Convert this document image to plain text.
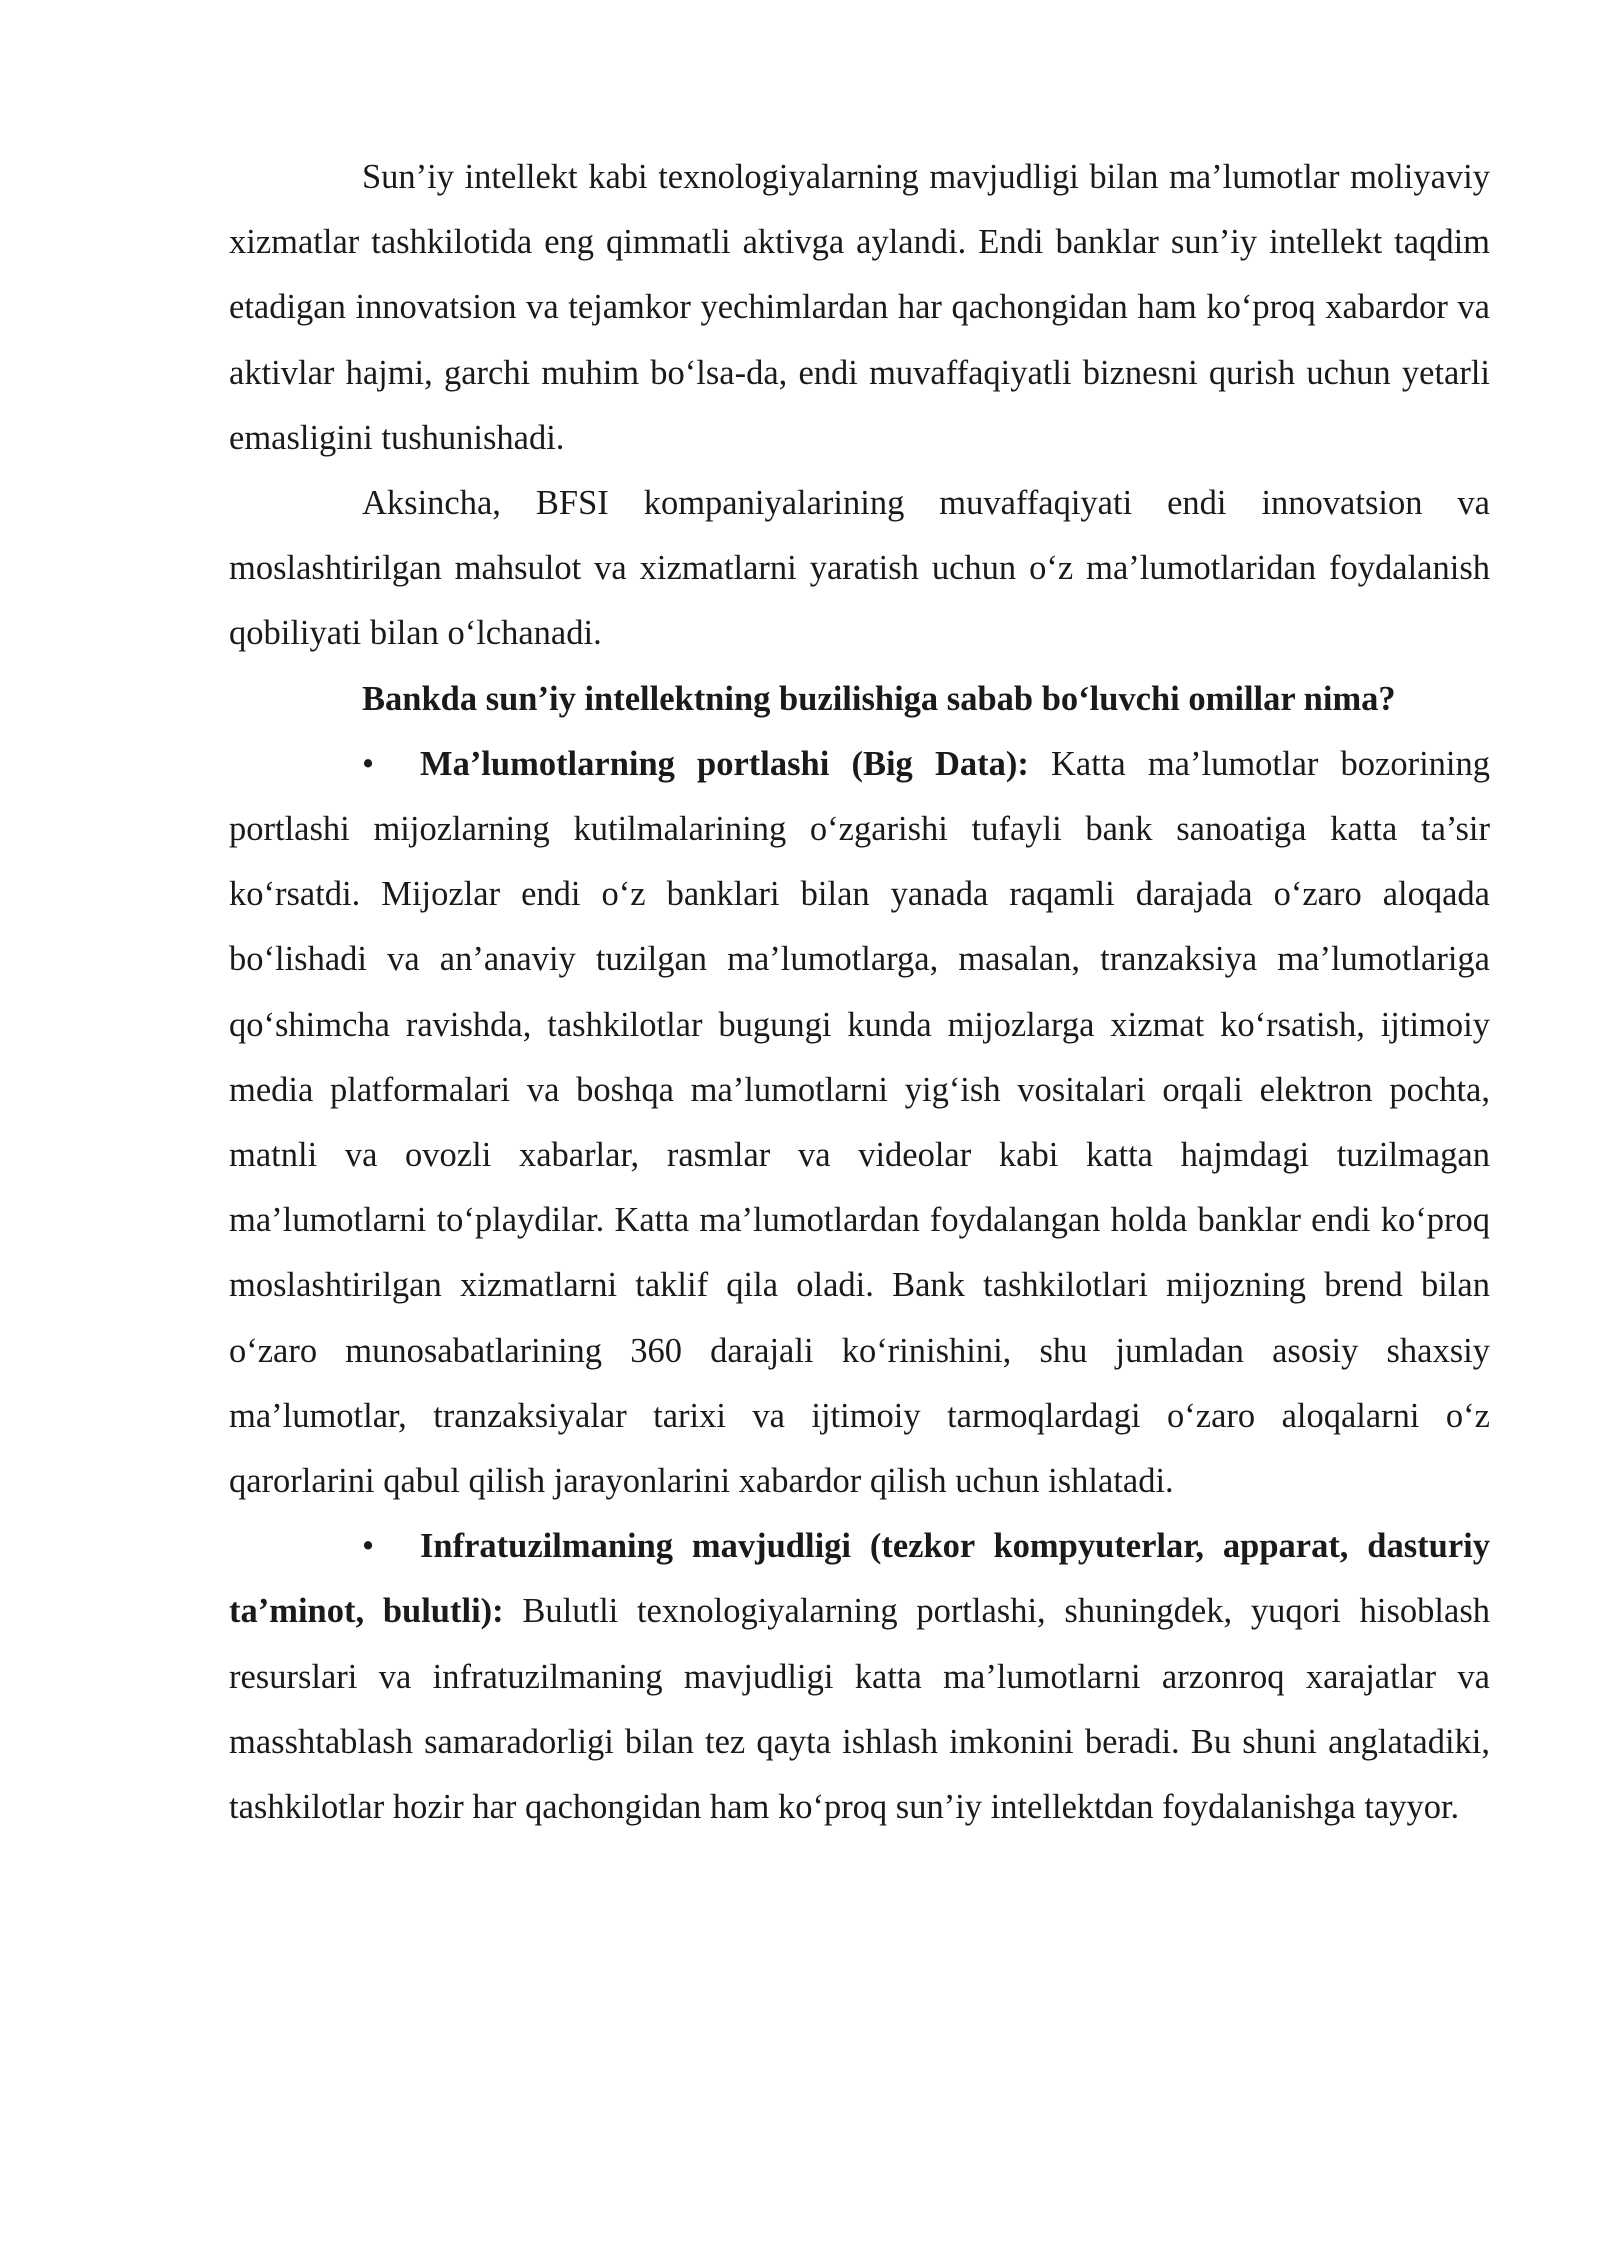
Sun’iy intellekt kabi texnologiyalarning mavjudligi bilan ma’lumotlar moliyaviy xizmatlar tashkilotida eng qimmatli aktivga aylandi. Endi banklar sun’iy intellekt taqdim etadigan innovatsion va tejamkor yechimlardan har qachongidan ham ko‘proq xabardor va aktivlar hajmi, garchi muhim bo‘lsa-da, endi muvaffaqiyatli biznesni qurish uchun yetarli emasligini tushunishadi.

Aksincha, BFSI kompaniyalarining muvaffaqiyati endi innovatsion va moslashtirilgan mahsulot va xizmatlarni yaratish uchun o‘z ma’lumotlaridan foydalanish qobiliyati bilan o‘lchanadi.

Bankda sun’iy intellektning buzilishiga sabab bo‘luvchi omillar nima?

• Ma’lumotlarning portlashi (Big Data): Katta ma’lumotlar bozorining portlashi mijozlarning kutilmalarining o‘zgarishi tufayli bank sanoatiga katta ta’sir ko‘rsatdi. Mijozlar endi o‘z banklari bilan yanada raqamli darajada o‘zaro aloqada bo‘lishadi va an’anaviy tuzilgan ma’lumotlarga, masalan, tranzaksiya ma’lumotlariga qo‘shimcha ravishda, tashkilotlar bugungi kunda mijozlarga xizmat ko‘rsatish, ijtimoiy media platformalari va boshqa ma’lumotlarni yig‘ish vositalari orqali elektron pochta, matnli va ovozli xabarlar, rasmlar va videolar kabi katta hajmdagi tuzilmagan ma’lumotlarni to‘playdilar. Katta ma’lumotlardan foydalangan holda banklar endi ko‘proq moslashtirilgan xizmatlarni taklif qila oladi. Bank tashkilotlari mijozning brend bilan o‘zaro munosabatlarining 360 darajali ko‘rinishini, shu jumladan asosiy shaxsiy ma’lumotlar, tranzaksiyalar tarixi va ijtimoiy tarmoqlardagi o‘zaro aloqalarni o‘z qarorlarini qabul qilish jarayonlarini xabardor qilish uchun ishlatadi.

• Infratuzilmaning mavjudligi (tezkor kompyuterlar, apparat, dasturiy ta’minot, bulutli): Bulutli texnologiyalarning portlashi, shuningdek, yuqori hisoblash resurslari va infratuzilmaning mavjudligi katta ma’lumotlarni arzonroq xarajatlar va masshtablash samaradorligi bilan tez qayta ishlash imkonini beradi. Bu shuni anglatadiki, tashkilotlar hozir har qachongidan ham ko‘proq sun’iy intellektdan foydalanishga tayyor.
